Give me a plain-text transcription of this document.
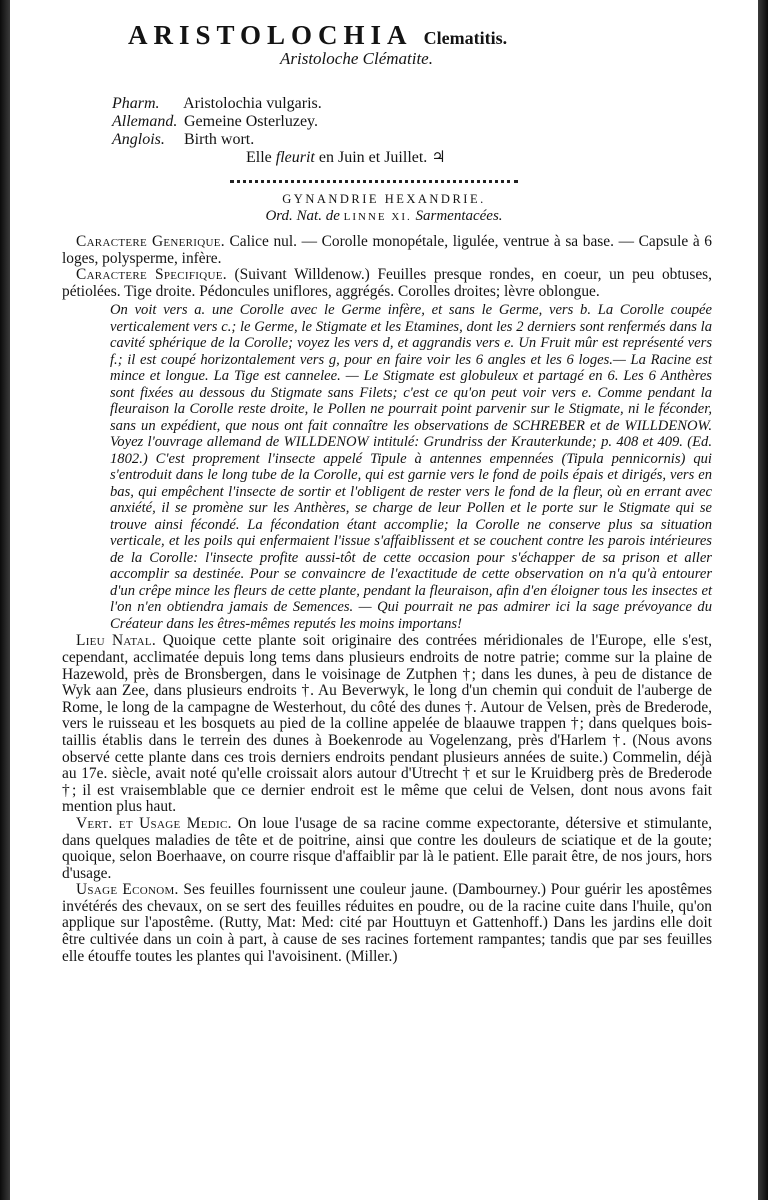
ARISTOLOCHIA Clematitis.
Aristoloche Clématite.
Pharm. Aristolochia vulgaris.
Allemand. Gemeine Osterluzey.
Anglois. Birth wort.
Elle fleurit en Juin et Juillet. ♃
GYNANDRIE HEXANDRIE.
Ord. Nat. de LINNE XI. Sarmentacées.

Caractere Generique. Calice nul. — Corolle monopétale, ligulée, ventrue à sa base. — Capsule à 6 loges, polysperme, infère.

Caractere Specifique. (Suivant Willdenow.) Feuilles presque rondes, en coeur, un peu obtuses, pétiolées. Tige droite. Pédoncules uniflores, aggrégés. Corolles droites; lèvre oblongue.

On voit vers a. une Corolle avec le Germe infère, et sans le Germe, vers b. La Corolle coupée verticalement vers c.; le Germe, le Stigmate et les Etamines, dont les 2 derniers sont renfermés dans la cavité sphérique de la Corolle; voyez les vers d, et aggrandis vers e. Un Fruit mûr est représenté vers f.; il est coupé horizontalement vers g, pour en faire voir les 6 angles et les 6 loges.— La Racine est mince et longue. La Tige est cannelee. — Le Stigmate est globuleux et partagé en 6. Les 6 Anthères sont fixées au dessous du Stigmate sans Filets; c'est ce qu'on peut voir vers e. Comme pendant la fleuraison la Corolle reste droite, le Pollen ne pourrait point parvenir sur le Stigmate, ni le féconder, sans un expédient, que nous ont fait connaître les observations de SCHREBER et de WILLDENOW. Voyez l'ouvrage allemand de WILLDENOW intitulé: Grundriss der Krauterkunde; p. 408 et 409. (Ed. 1802.) C'est proprement l'insecte appelé Tipule à antennes empennées (Tipula pennicornis) qui s'entroduit dans le long tube de la Corolle, qui est garnie vers le fond de poils épais et dirigés, vers en bas, qui empêchent l'insecte de sortir et l'obligent de rester vers le fond de la fleur, où en errant avec anxiété, il se promène sur les Anthères, se charge de leur Pollen et le porte sur le Stigmate qui se trouve ainsi fécondé. La fécondation étant accomplie; la Corolle ne conserve plus sa situation verticale, et les poils qui enfermaient l'issue s'affaiblissent et se couchent contre les parois intérieures de la Corolle: l'insecte profite aussi-tôt de cette occasion pour s'échapper de sa prison et aller accomplir sa destinée. Pour se convaincre de l'exactitude de cette observation on n'a qu'à entourer d'un crêpe mince les fleurs de cette plante, pendant la fleuraison, afin d'en éloigner tous les insectes et l'on n'en obtiendra jamais de Semences. — Qui pourrait ne pas admirer ici la sage prévoyance du Créateur dans les êtres-mêmes reputés les moins importans!

Lieu Natal. Quoique cette plante soit originaire des contrées méridionales de l'Europe, elle s'est, cependant, acclimatée depuis long tems dans plusieurs endroits de notre patrie; comme sur la plaine de Hazewold, près de Bronsbergen, dans le voisinage de Zutphen †; dans les dunes, à peu de distance de Wyk aan Zee, dans plusieurs endroits †. Au Beverwyk, le long d'un chemin qui conduit de l'auberge de Rome, le long de la campagne de Westerhout, du côté des dunes †. Autour de Velsen, près de Brederode, vers le ruisseau et les bosquets au pied de la colline appelée de blaauwe trappen †; dans quelques bois-taillis établis dans le terrein des dunes à Boekenrode au Vogelenzang, près d'Harlem †. (Nous avons observé cette plante dans ces trois derniers endroits pendant plusieurs années de suite.) Commelin, déjà au 17e. siècle, avait noté qu'elle croissait alors autour d'Utrecht † et sur le Kruidberg près de Brederode †; il est vraisemblable que ce dernier endroit est le même que celui de Velsen, dont nous avons fait mention plus haut.

Vert. et Usage Medic. On loue l'usage de sa racine comme expectorante, détersive et stimulante, dans quelques maladies de tête et de poitrine, ainsi que contre les douleurs de sciatique et de la goute; quoique, selon Boerhaave, on courre risque d'affaiblir par là le patient. Elle parait être, de nos jours, hors d'usage.

Usage Econom. Ses feuilles fournissent une couleur jaune. (Dambourney.) Pour guérir les apostêmes invétérés des chevaux, on se sert des feuilles réduites en poudre, ou de la racine cuite dans l'huile, qu'on applique sur l'apostême. (Rutty, Mat: Med: cité par Houttuyn et Gattenhoff.) Dans les jardins elle doit être cultivée dans un coin à part, à cause de ses racines fortement rampantes; tandis que par ses feuilles elle étouffe toutes les plantes qui l'avoisinent. (Miller.)
